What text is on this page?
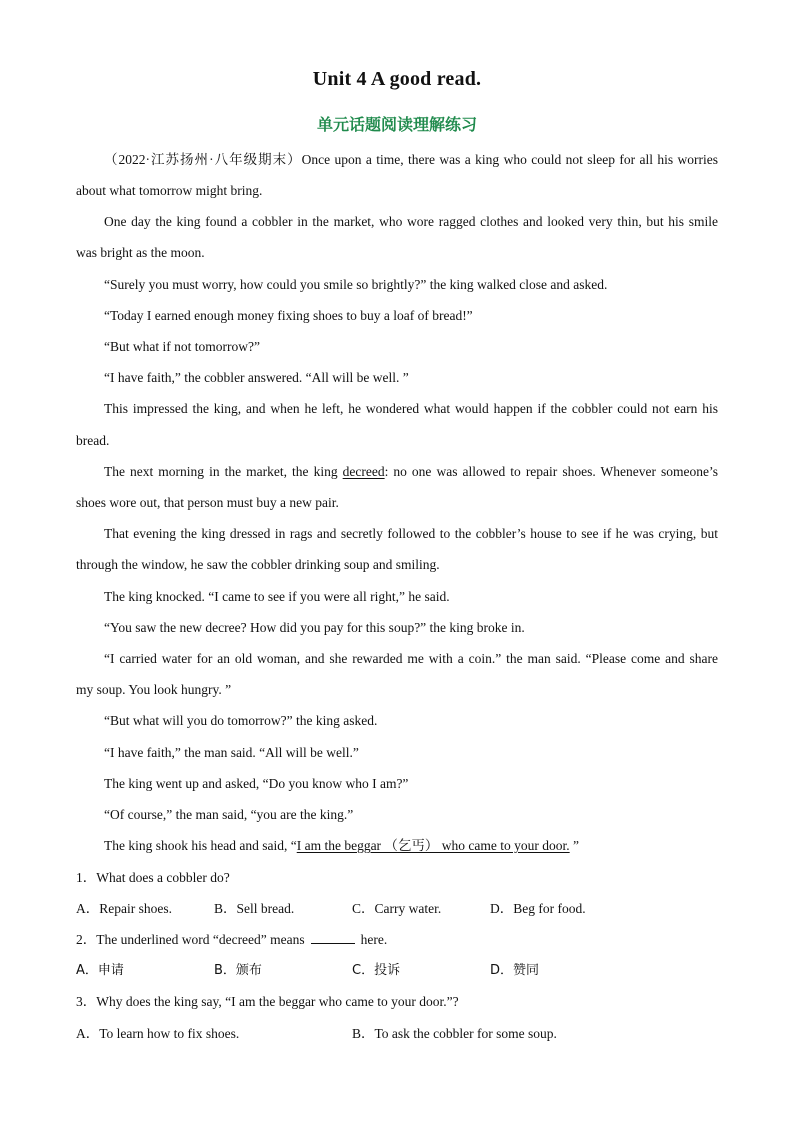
Unit 4 A good read.
单元话题阅读理解练习
（2022·江苏扬州·八年级期末）Once upon a time, there was a king who could not sleep for all his worries
about what tomorrow might bring.
One day the king found a cobbler in the market, who wore ragged clothes and looked very thin, but his smile
was bright as the moon.
“Surely you must worry, how could you smile so brightly?” the king walked close and asked.
“Today I earned enough money fixing shoes to buy a loaf of bread!”
“But what if not tomorrow?”
“I have faith,” the cobbler answered. “All will be well. ”
This impressed the king, and when he left, he wondered what would happen if the cobbler could not earn his
bread.
The next morning in the market, the king decreed: no one was allowed to repair shoes. Whenever someone’s
shoes wore out, that person must buy a new pair.
That evening the king dressed in rags and secretly followed to the cobbler’s house to see if he was crying, but
through the window, he saw the cobbler drinking soup and smiling.
The king knocked. “I came to see if you were all right,” he said.
“You saw the new decree? How did you pay for this soup?” the king broke in.
“I carried water for an old woman, and she rewarded me with a coin.” the man said. “Please come and share
my soup. You look hungry. ”
“But what will you do tomorrow?” the king asked.
“I have faith,” the man said. “All will be well.”
The king went up and asked, “Do you know who I am?”
“Of course,” the man said, “you are the king.”
The king shook his head and said, “I am the beggar （乞丐） who came to your door. ”
1．What does a cobbler do?
A．Repair shoes.	B．Sell bread.	C．Carry water.	D．Beg for food.
2．The underlined word “decreed” means	here.
A．申请	B．颁布	C．投诉	D．赞同
3．Why does the king say, “I am the beggar who came to your door.”?
A．To learn how to fix shoes.	B．To ask the cobbler for some soup.
